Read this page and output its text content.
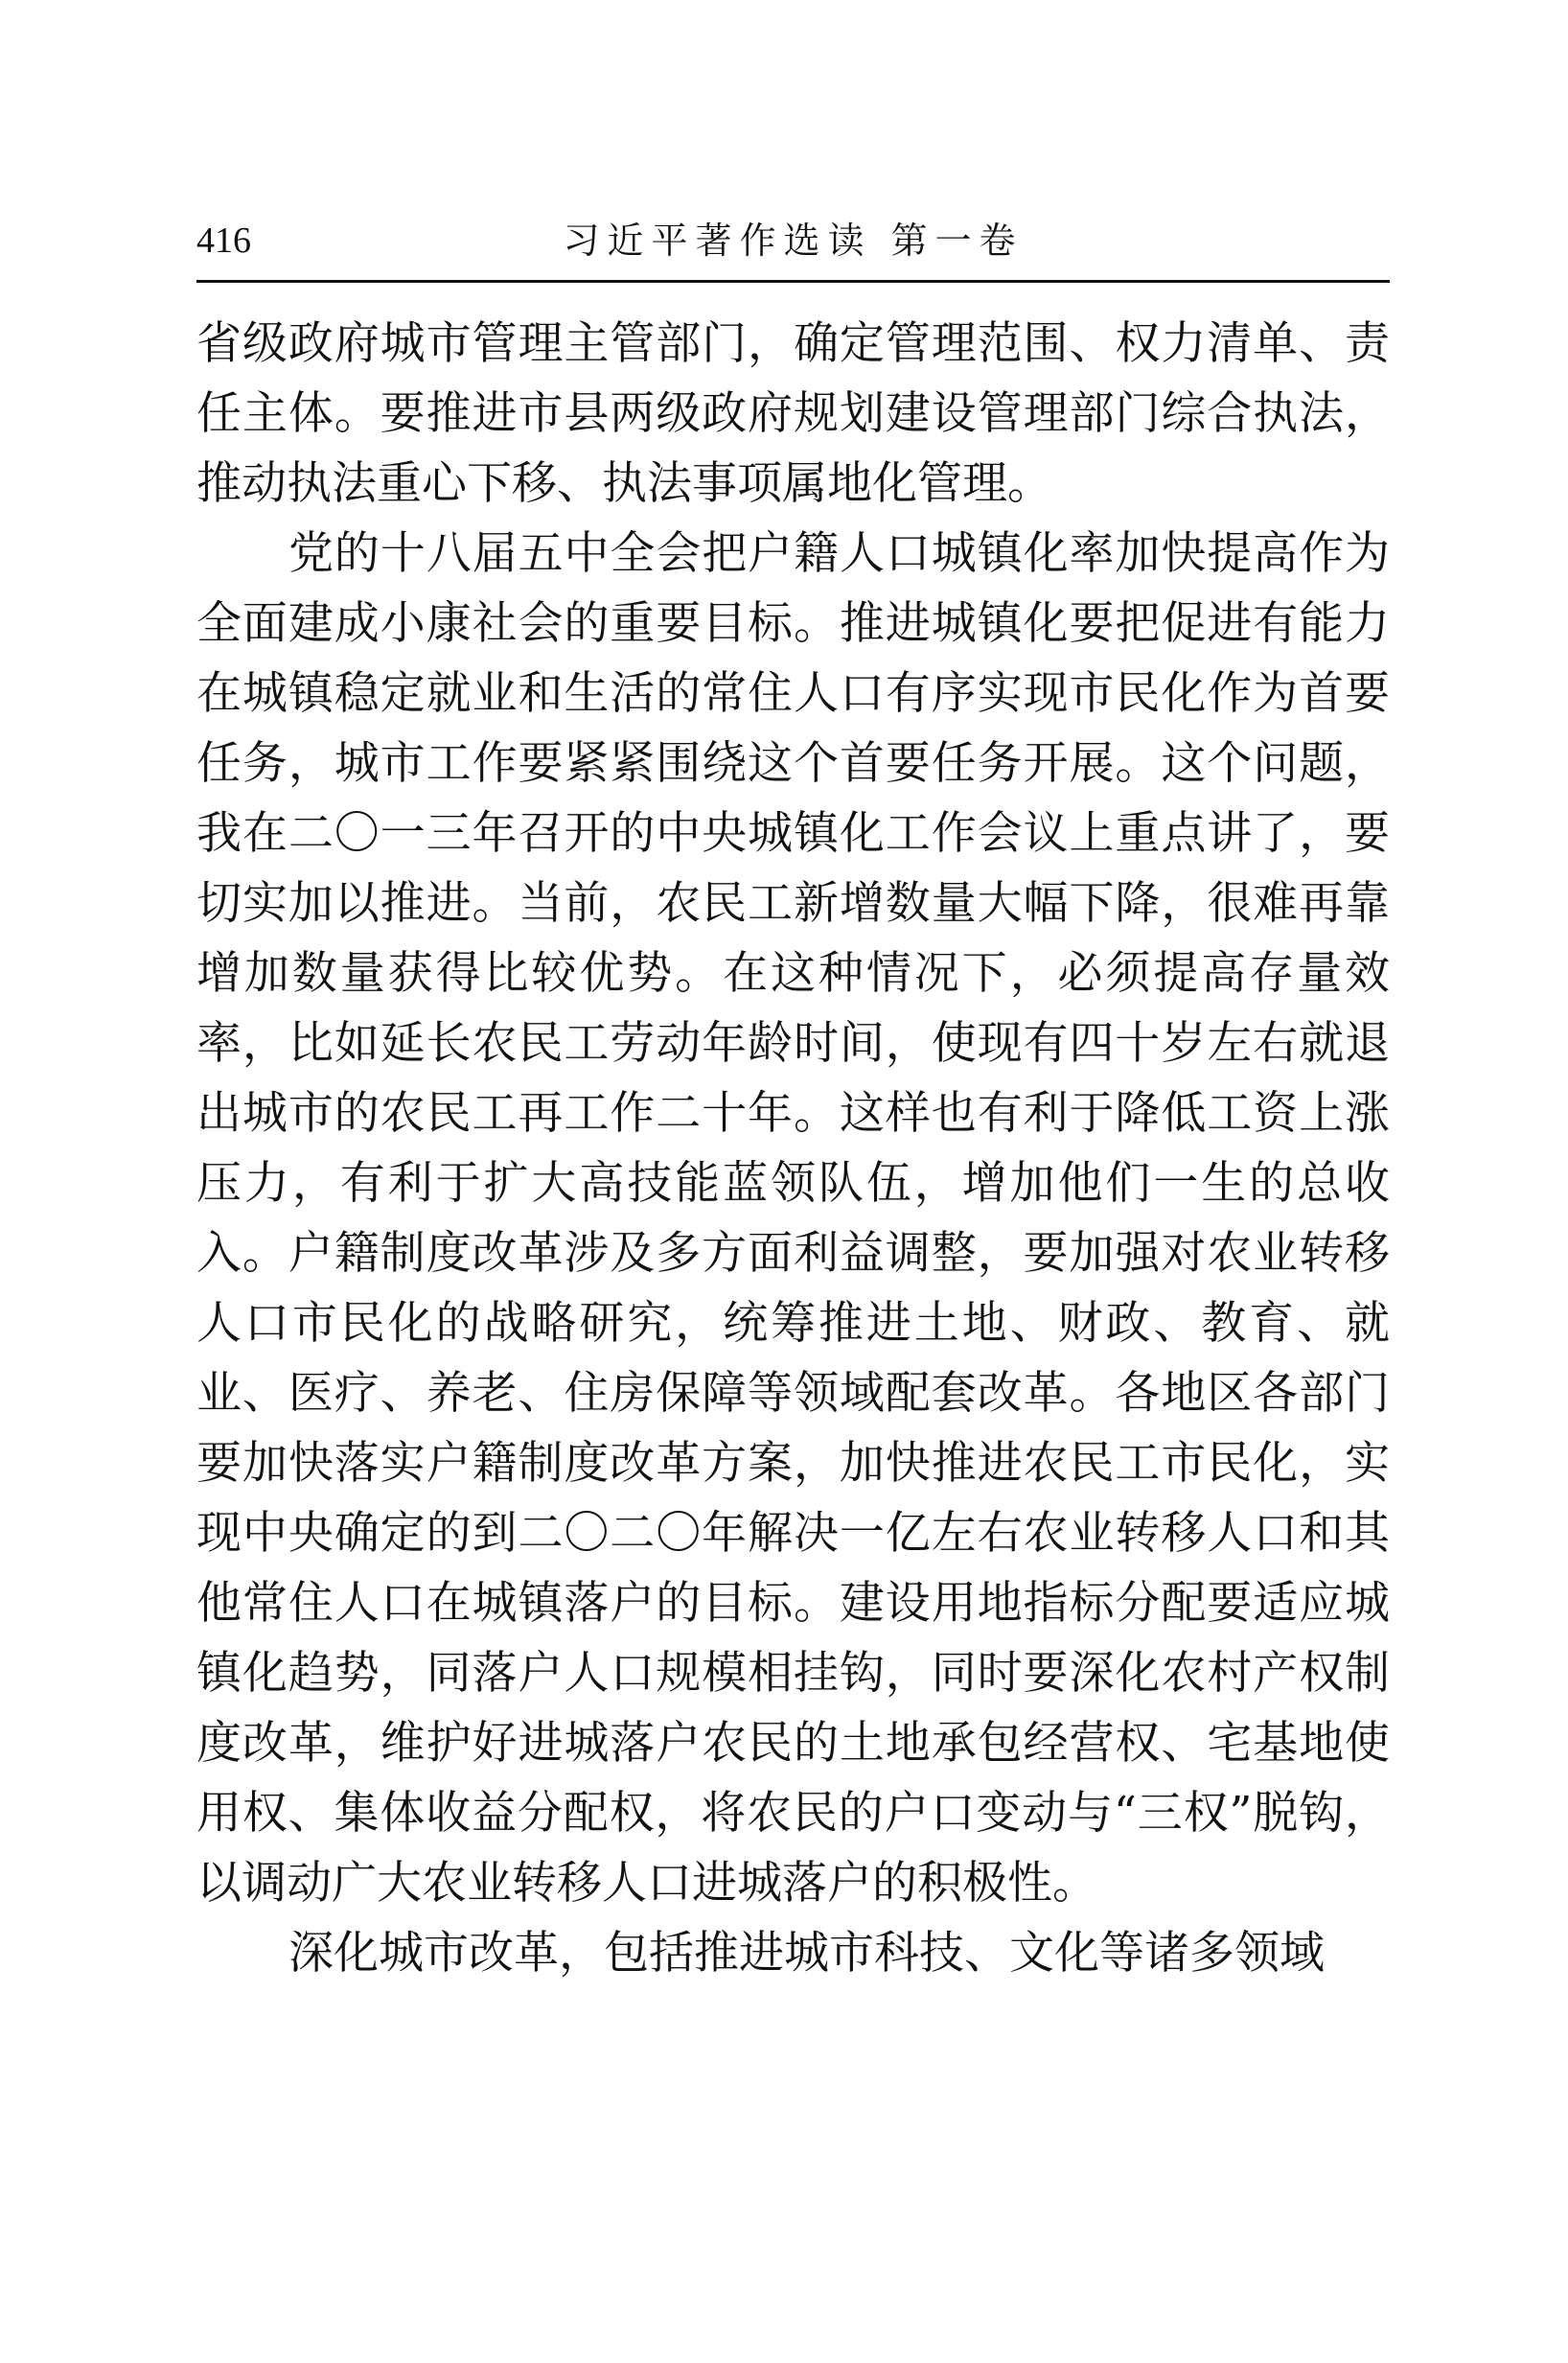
416	习近平著作选读 第一卷

省级政府城市管理主管部门，确定管理范围、权力清单、责任主体。要推进市县两级政府规划建设管理部门综合执法，推动执法重心下移、执法事项属地化管理。

党的十八届五中全会把户籍人口城镇化率加快提高作为全面建成小康社会的重要目标。推进城镇化要把促进有能力在城镇稳定就业和生活的常住人口有序实现市民化作为首要任务，城市工作要紧紧围绕这个首要任务开展。这个问题，我在二〇一三年召开的中央城镇化工作会议上重点讲了，要切实加以推进。当前，农民工新增数量大幅下降，很难再靠增加数量获得比较优势。在这种情况下，必须提高存量效率，比如延长农民工劳动年龄时间，使现有四十岁左右就退出城市的农民工再工作二十年。这样也有利于降低工资上涨压力，有利于扩大高技能蓝领队伍，增加他们一生的总收入。户籍制度改革涉及多方面利益调整，要加强对农业转移人口市民化的战略研究，统筹推进土地、财政、教育、就业、医疗、养老、住房保障等领域配套改革。各地区各部门要加快落实户籍制度改革方案，加快推进农民工市民化，实现中央确定的到二〇二〇年解决一亿左右农业转移人口和其他常住人口在城镇落户的目标。建设用地指标分配要适应城镇化趋势，同落户人口规模相挂钩，同时要深化农村产权制度改革，维护好进城落户农民的土地承包经营权、宅基地使用权、集体收益分配权，将农民的户口变动与“三权”脱钩，以调动广大农业转移人口进城落户的积极性。

深化城市改革，包括推进城市科技、文化等诸多领域
